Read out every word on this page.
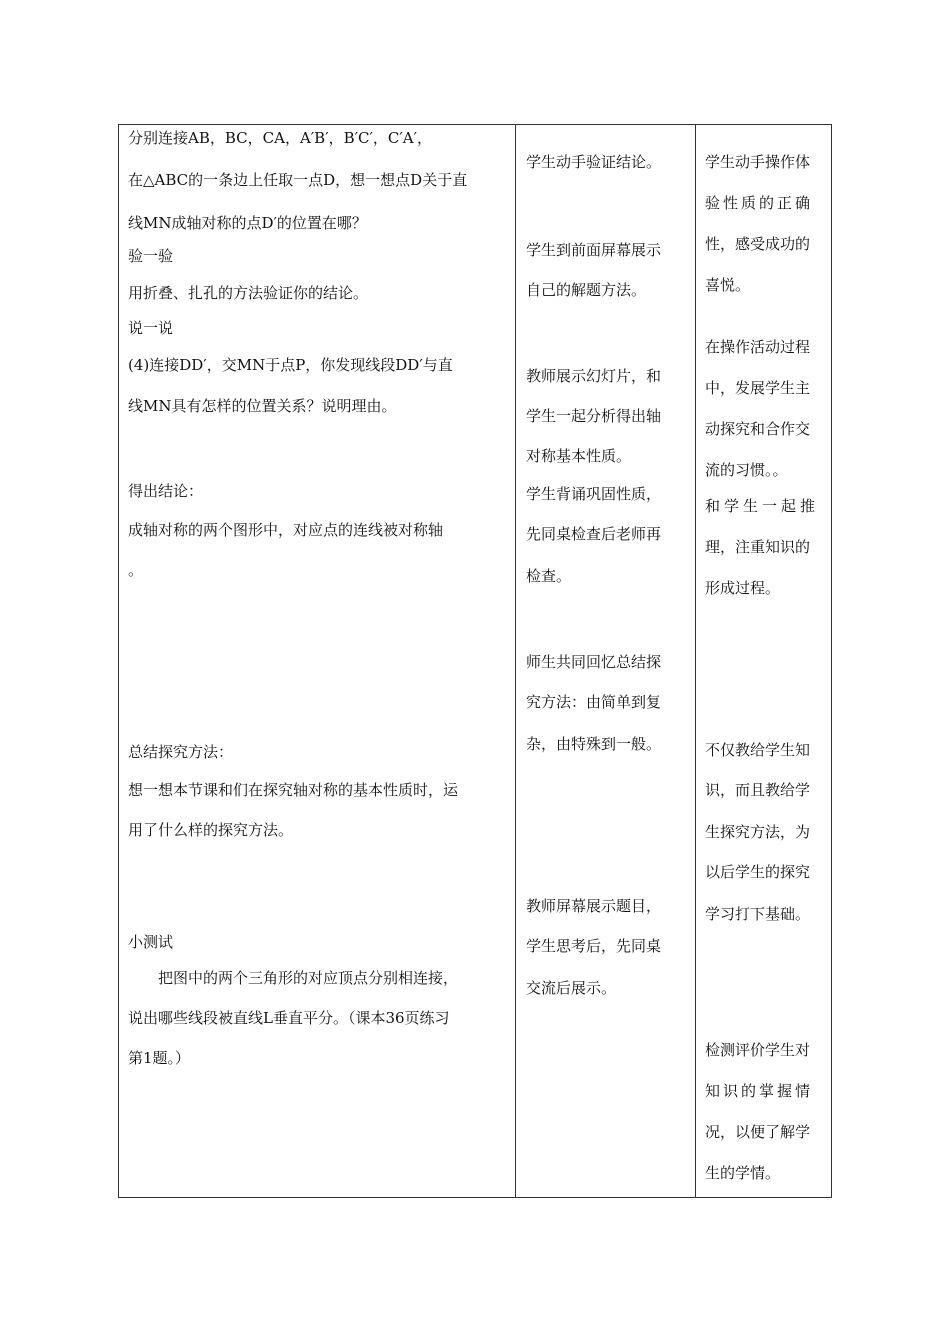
分别连接AB，BC，CA，A′B′，B′C′，C′A′，

在△ABC的一条边上任取一点D，想一想点D关于直

线MN成轴对称的点D′的位置在哪？

验一验

用折叠、扎孔的方法验证你的结论。

说一说

(4)连接DD′，交MN于点P，你发现线段DD′与直

线MN具有怎样的位置关系？说明理由。

得出结论：

成轴对称的两个图形中，对应点的连线被对称轴

。

总结探究方法：

想一想本节课和们在探究轴对称的基本性质时，运

用了什么样的探究方法。

小测试

把图中的两个三角形的对应顶点分别相连接，

说出哪些线段被直线L垂直平分。（课本36页练习

第1题。）

学生动手验证结论。

学生到前面屏幕展示

自己的解题方法。

教师展示幻灯片，和

学生一起分析得出轴

对称基本性质。

学生背诵巩固性质，

先同桌检查后老师再

检查。

师生共同回忆总结探

究方法：由简单到复

杂，由特殊到一般。

教师屏幕展示题目，

学生思考后，先同桌

交流后展示。

学生动手操作体

验性质的正确

性，感受成功的

喜悦。

在操作活动过程

中，发展学生主

动探究和合作交

流的习惯。。

和学生一起推

理，注重知识的

形成过程。

不仅教给学生知

识，而且教给学

生探究方法，为

以后学生的探究

学习打下基础。

检测评价学生对

知识的掌握情

况，以便了解学

生的学情。
